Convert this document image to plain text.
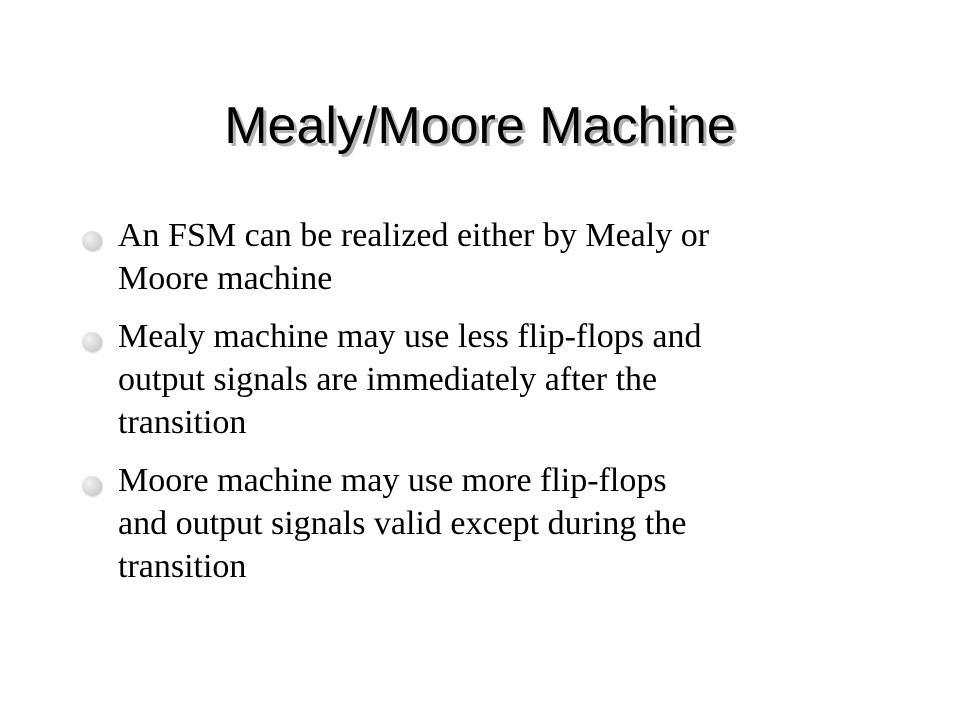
Mealy/Moore Machine
An FSM can be realized either by Mealy or
Moore machine
Mealy machine may use less flip-flops and
output signals are immediately after the
transition
Moore machine may use more flip-flops
and output signals valid except during the
transition
